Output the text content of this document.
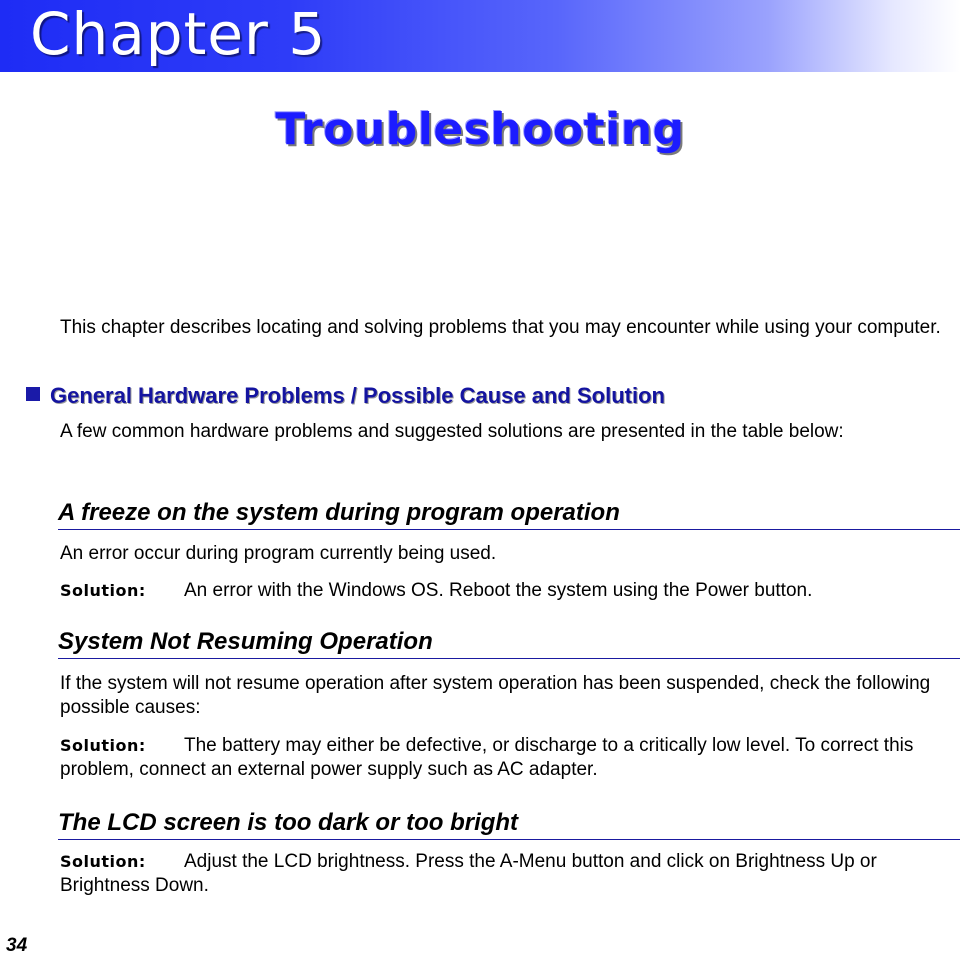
Chapter 5
Troubleshooting
This chapter describes locating and solving problems that you may encounter while using your computer.
General Hardware Problems / Possible Cause and Solution
A few common hardware problems and suggested solutions are presented in the table below:
A freeze on the system during program operation
An error occur during program currently being used.
Solution: An error with the Windows OS. Reboot the system using the Power button.
System Not Resuming Operation
If the system will not resume operation after system operation has been suspended, check the following possible causes:
Solution: The battery may either be defective, or discharge to a critically low level. To correct this problem, connect an external power supply such as AC adapter.
The LCD screen is too dark or too bright
Solution: Adjust the LCD brightness. Press the A-Menu button and click on Brightness Up or Brightness Down.
34
